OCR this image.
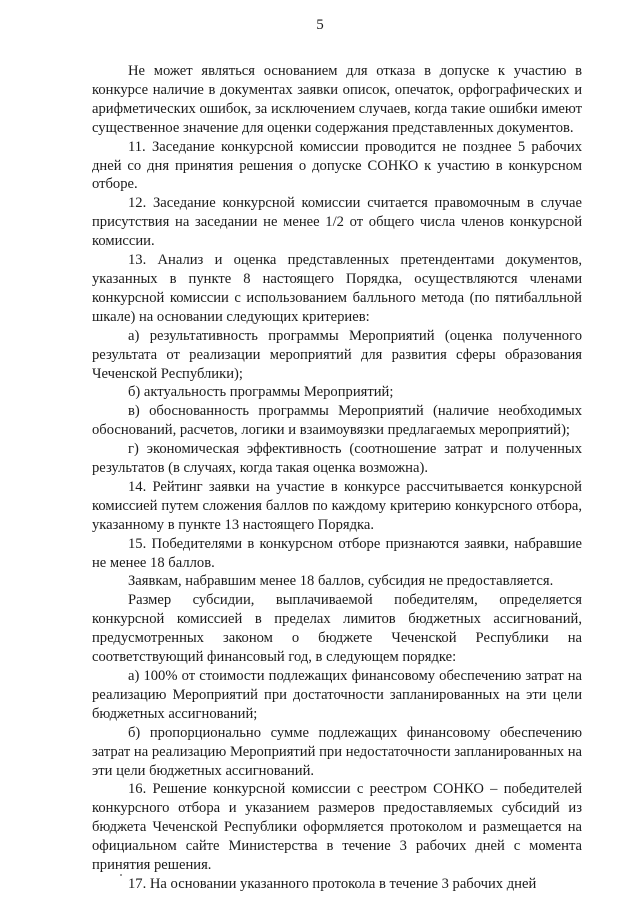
5

Не может являться основанием для отказа в допуске к участию в конкурсе наличие в документах заявки описок, опечаток, орфографических и арифметических ошибок, за исключением случаев, когда такие ошибки имеют существенное значение для оценки содержания представленных документов.

11. Заседание конкурсной комиссии проводится не позднее 5 рабочих дней со дня принятия решения о допуске СОНКО к участию в конкурсном отборе.

12. Заседание конкурсной комиссии считается правомочным в случае присутствия на заседании не менее 1/2 от общего числа членов конкурсной комиссии.

13. Анализ и оценка представленных претендентами документов, указанных в пункте 8 настоящего Порядка, осуществляются членами конкурсной комиссии с использованием балльного метода (по пятибалльной шкале) на основании следующих критериев:

а) результативность программы Мероприятий (оценка полученного результата от реализации мероприятий для развития сферы образования Чеченской Республики);

б) актуальность программы Мероприятий;

в) обоснованность программы Мероприятий (наличие необходимых обоснований, расчетов, логики и взаимоувязки предлагаемых мероприятий);

г) экономическая эффективность (соотношение затрат и полученных результатов (в случаях, когда такая оценка возможна).

14. Рейтинг заявки на участие в конкурсе рассчитывается конкурсной комиссией путем сложения баллов по каждому критерию конкурсного отбора, указанному в пункте 13 настоящего Порядка.

15. Победителями в конкурсном отборе признаются заявки, набравшие не менее 18 баллов.

Заявкам, набравшим менее 18 баллов, субсидия не предоставляется.

Размер субсидии, выплачиваемой победителям, определяется конкурсной комиссией в пределах лимитов бюджетных ассигнований, предусмотренных законом о бюджете Чеченской Республики на соответствующий финансовый год, в следующем порядке:

а) 100% от стоимости подлежащих финансовому обеспечению затрат на реализацию Мероприятий при достаточности запланированных на эти цели бюджетных ассигнований;

б) пропорционально сумме подлежащих финансовому обеспечению затрат на реализацию Мероприятий при недостаточности запланированных на эти цели бюджетных ассигнований.

16. Решение конкурсной комиссии с реестром СОНКО – победителей конкурсного отбора и указанием размеров предоставляемых субсидий из бюджета Чеченской Республики оформляется протоколом и размещается на официальном сайте Министерства в течение 3 рабочих дней с момента принятия решения.

17. На основании указанного протокола в течение 3 рабочих дней
